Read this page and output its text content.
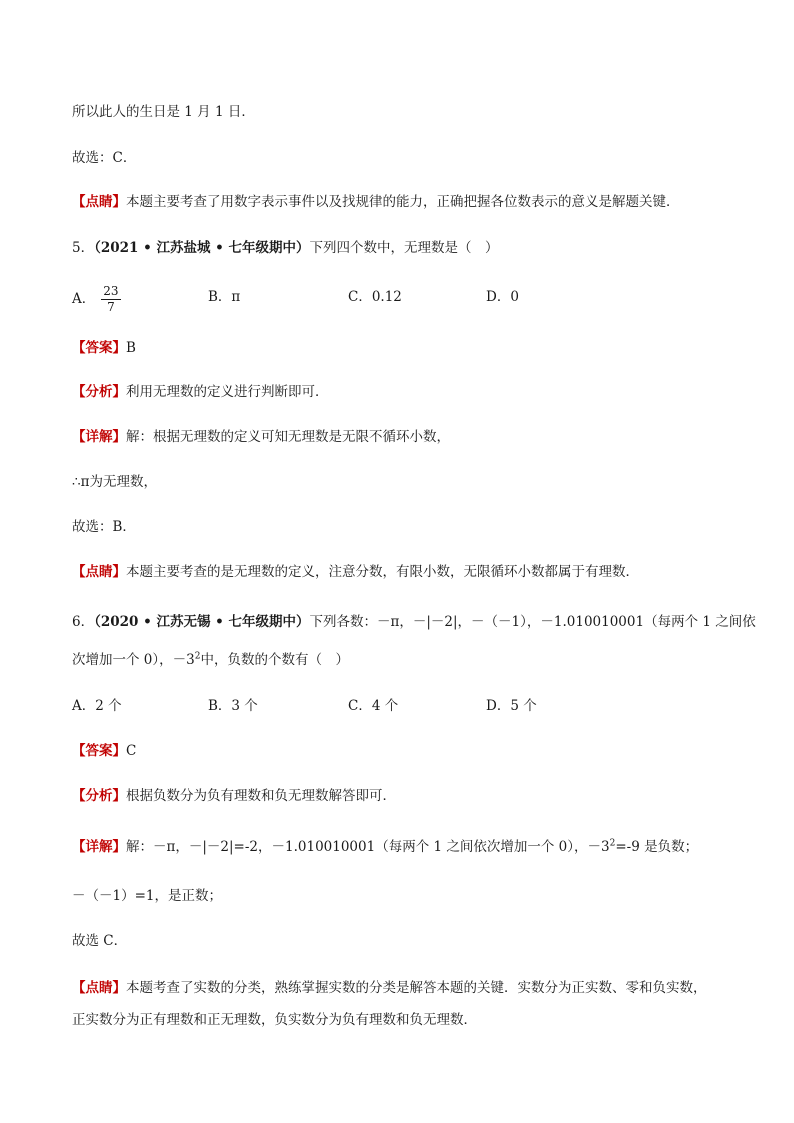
所以此人的生日是 1 月 1 日．
故选：C．
【点睛】本题主要考查了用数字表示事件以及找规律的能力，正确把握各位数表示的意义是解题关键．
5．（2021 • 江苏盐城 • 七年级期中）下列四个数中，无理数是（　）
A． $\frac{23}{7}$	B．π	C．0.12	D．0
【答案】B
【分析】利用无理数的定义进行判断即可．
【详解】解：根据无理数的定义可知无理数是无限不循环小数，
∴π为无理数，
故选：B．
【点睛】本题主要考查的是无理数的定义，注意分数，有限小数，无限循环小数都属于有理数．
6．（2020 • 江苏无锡 • 七年级期中）下列各数：－π，－|－2|，－（－1），－1.010010001（每两个 1 之间依
次增加一个 0），$-3^2$中，负数的个数有（　）
A．2 个	B．3 个	C．4 个	D．5 个
【答案】C
【分析】根据负数分为负有理数和负无理数解答即可．
【详解】解：－π，－|－2|=-2，－1.010010001（每两个 1 之间依次增加一个 0），$-3^2=-9$ 是负数；
－（－1）=1，是正数；
故选 C．
【点睛】本题考查了实数的分类，熟练掌握实数的分类是解答本题的关键．实数分为正实数、零和负实数，
正实数分为正有理数和正无理数，负实数分为负有理数和负无理数．
